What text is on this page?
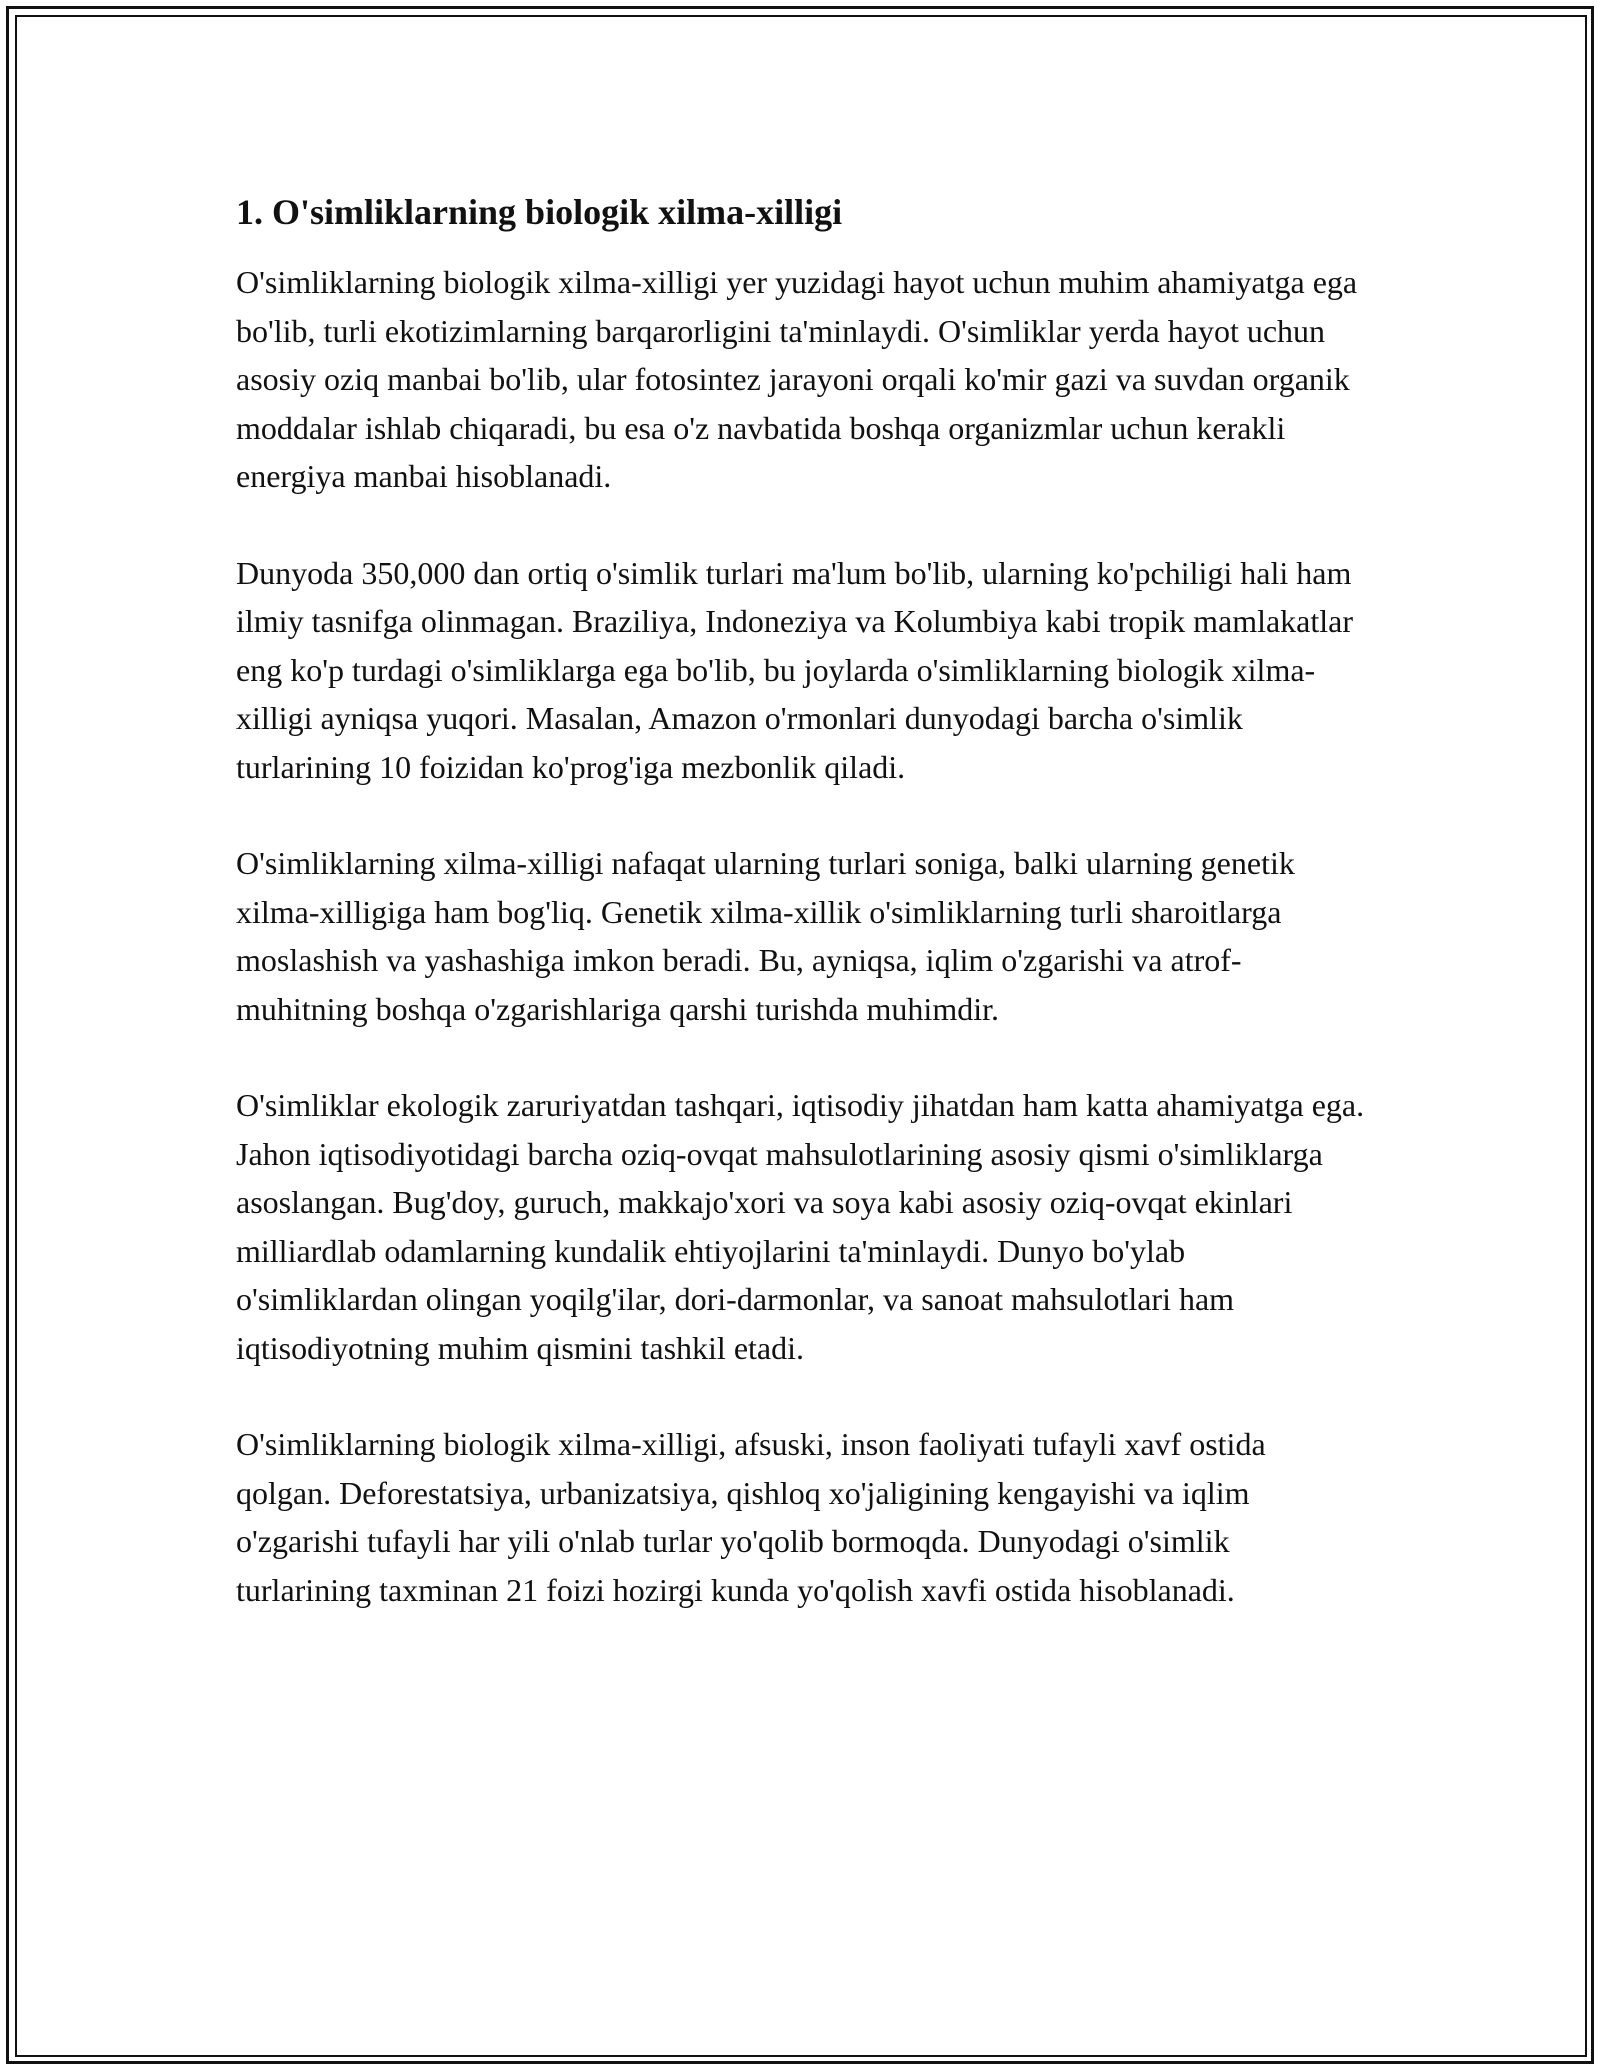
1. O'simliklarning biologik xilma-xilligi

O'simliklarning biologik xilma-xilligi yer yuzidagi hayot uchun muhim ahamiyatga ega bo'lib, turli ekotizimlarning barqarorligini ta'minlaydi. O'simliklar yerda hayot uchun asosiy oziq manbai bo'lib, ular fotosintez jarayoni orqali ko'mir gazi va suvdan organik moddalar ishlab chiqaradi, bu esa o'z navbatida boshqa organizmlar uchun kerakli energiya manbai hisoblanadi.

Dunyoda 350,000 dan ortiq o'simlik turlari ma'lum bo'lib, ularning ko'pchiligi hali ham ilmiy tasnifga olinmagan. Braziliya, Indoneziya va Kolumbiya kabi tropik mamlakatlar eng ko'p turdagi o'simliklarga ega bo'lib, bu joylarda o'simliklarning biologik xilma-xilligi ayniqsa yuqori. Masalan, Amazon o'rmonlari dunyodagi barcha o'simlik turlarining 10 foizidan ko'prog'iga mezbonlik qiladi.

O'simliklarning xilma-xilligi nafaqat ularning turlari soniga, balki ularning genetik xilma-xilligiga ham bog'liq. Genetik xilma-xillik o'simliklarning turli sharoitlarga moslashish va yashashiga imkon beradi. Bu, ayniqsa, iqlim o'zgarishi va atrof-muhitning boshqa o'zgarishlariga qarshi turishda muhimdir.

O'simliklar ekologik zaruriyatdan tashqari, iqtisodiy jihatdan ham katta ahamiyatga ega. Jahon iqtisodiyotidagi barcha oziq-ovqat mahsulotlarining asosiy qismi o'simliklarga asoslangan. Bug'doy, guruch, makkajo'xori va soya kabi asosiy oziq-ovqat ekinlari milliardlab odamlarning kundalik ehtiyojlarini ta'minlaydi. Dunyo bo'ylab o'simliklardan olingan yoqilg'ilar, dori-darmonlar, va sanoat mahsulotlari ham iqtisodiyotning muhim qismini tashkil etadi.

O'simliklarning biologik xilma-xilligi, afsuski, inson faoliyati tufayli xavf ostida qolgan. Deforestatsiya, urbanizatsiya, qishloq xo'jaligining kengayishi va iqlim o'zgarishi tufayli har yili o'nlab turlar yo'qolib bormoqda. Dunyodagi o'simlik turlarining taxminan 21 foizi hozirgi kunda yo'qolish xavfi ostida hisoblanadi.
